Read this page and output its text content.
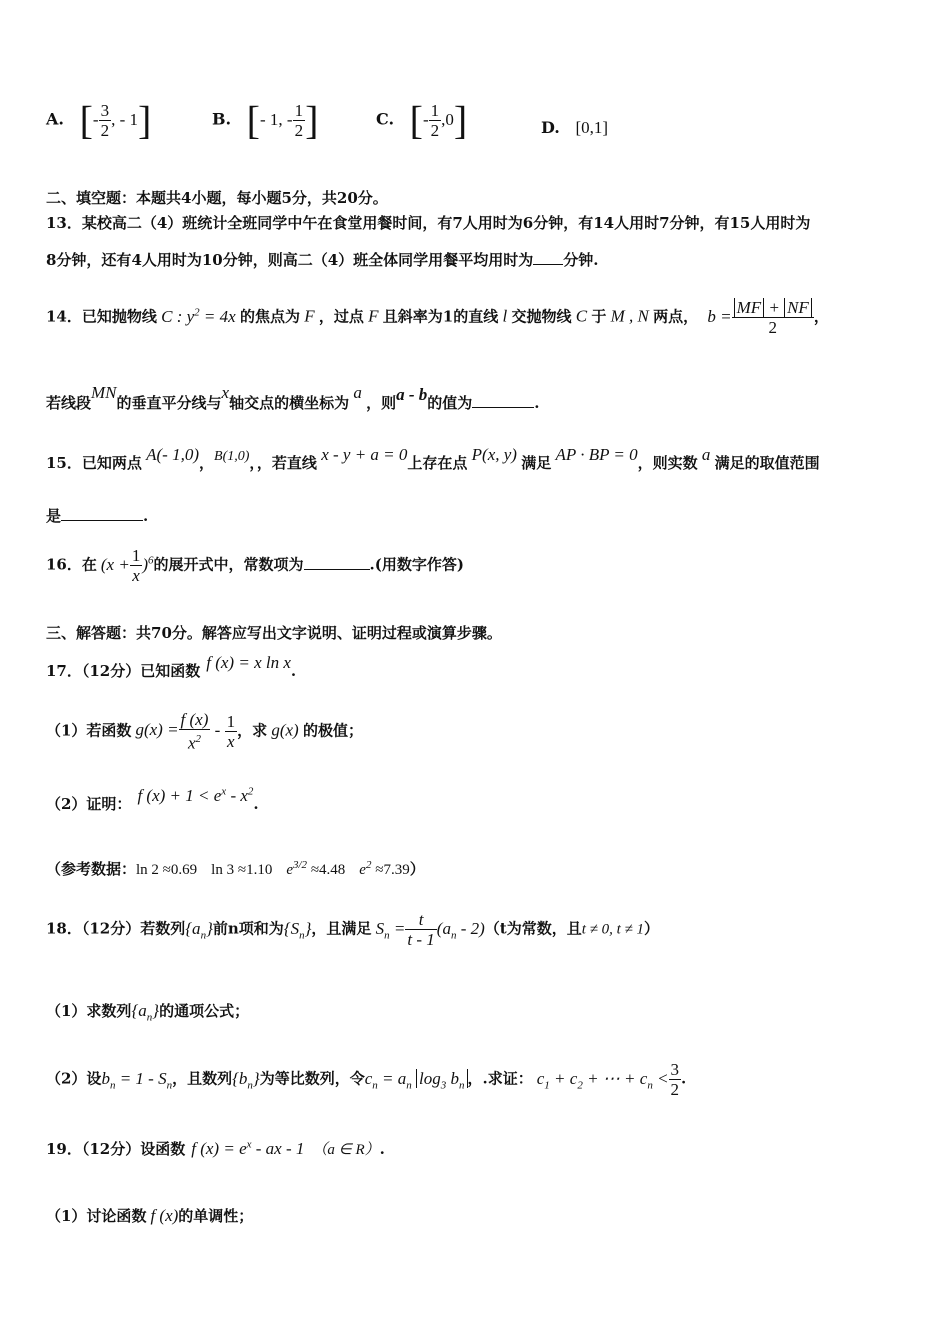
A. [- $\frac{3}{2}$ , - 1]	B. [- 1, - $\frac{1}{2}$ ]	C. [- $\frac{1}{2} ,0$]	D. [0,1]
二、填空题：本题共4小题，每小题5分，共20分。
13．某校高二（4）班统计全班同学中午在食堂用餐时间，有7人用时为6分钟，有14人用时7分钟，有15人用时为
8分钟，还有4人用时为10分钟，则高二（4）班全体同学用餐平均用时为 分钟.
14．已知抛物线 C : $y^2 = 4x$ 的焦点为 F ，过点 F 且斜率为1的直线 l 交抛物线 C 于 M , N 两点， $b = \frac{MF + NF}{2}$ ，
若线段MN的垂直平分线与x轴交点的横坐标为 a ，则a - b的值为	.
15．已知两点 A(- 1,0)，B(1,0)，，若直线 x - y + a = 0上存在点 P(x, y) 满足 AP · BP = 0，则实数 a 满足的取值范围
是	.
16．在 $(x + \frac{1}{x} )^6$的展开式中，常数项为	.(用数字作答)
三、解答题：共70分。解答应写出文字说明、证明过程或演算步骤。
17．（12分）已知函数 f (x) = x ln x.
（1）若函数 $g(x) = \frac{f (x)}{x^2} - \frac{1}{x}$ ，求 g(x) 的极值；
（2）证明： f $(x) + 1 < e^x - x^2$.
（参考数据：ln 2 ≈0.69 ln 3 ≈1.10 $e^{3/2} \approx 4.48$ $e^2 \approx 7.39$）
18．（12分）若数列$\{a_n\}$前n项和为$\{S_n\}$，且满足 $S_n = \frac{t}{t - 1} (a_n - 2)(t$为常数，且t ≠ 0, t ≠ 1）
（1）求数列$\{a_n\}$的通项公式；
（2）设$b_n = 1 - S_n$，且数列$\{b_n\}$为等比数列，令$c_n = a_n$ $\log_3 b_n$ ，.求证： $c_1 + c_2$ + ⋯ + $c_n < \frac{3}{2}$ .
19．（12分）设函数 f $(x) = e^x$ - ax - 1 （a ∈ R）.
（1）讨论函数 f (x)的单调性；
